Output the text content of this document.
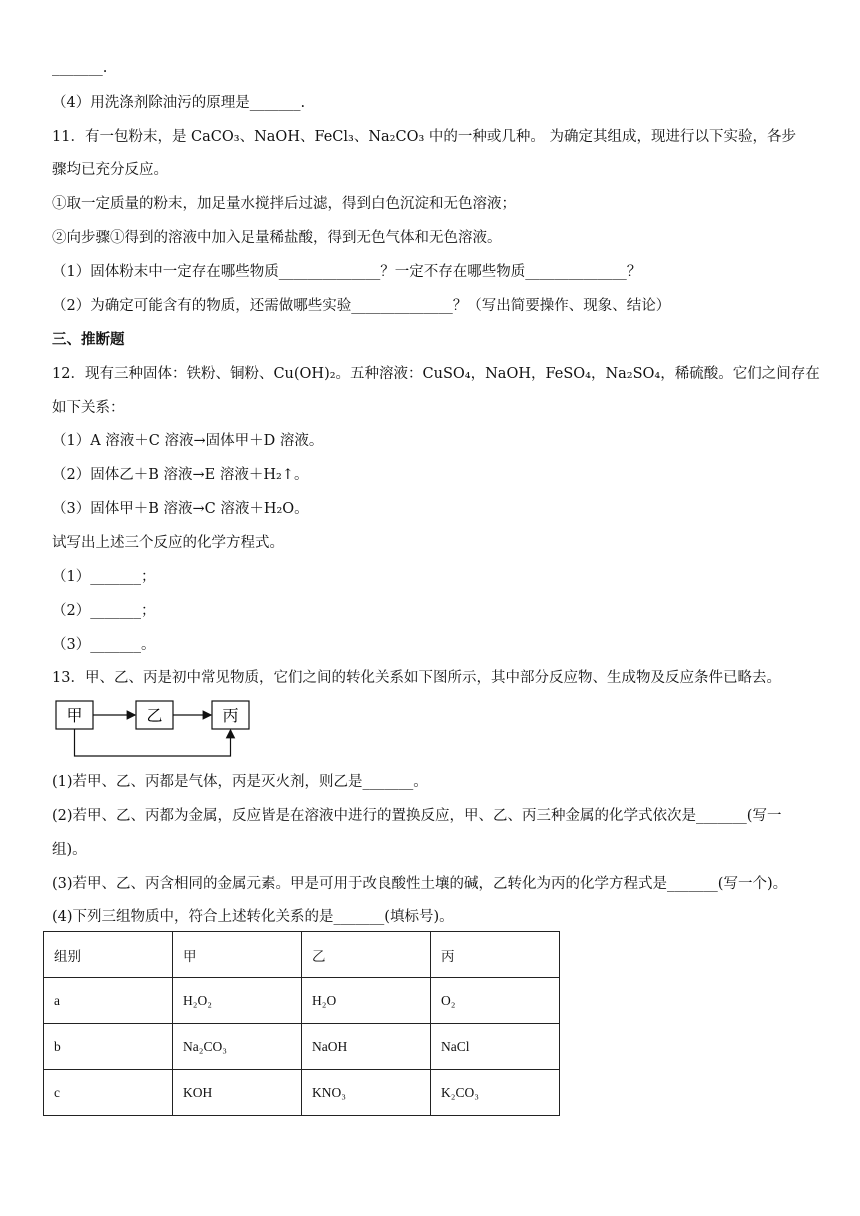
_______.
（4）用洗涤剂除油污的原理是_______.
11．有一包粉末，是 CaCO₃、NaOH、FeCl₃、Na₂CO₃ 中的一种或几种。 为确定其组成，现进行以下实验，各步
骤均已充分反应。
①取一定质量的粉末，加足量水搅拌后过滤，得到白色沉淀和无色溶液；
②向步骤①得到的溶液中加入足量稀盐酸，得到无色气体和无色溶液。
（1）固体粉末中一定存在哪些物质______________？一定不存在哪些物质______________？
（2）为确定可能含有的物质，还需做哪些实验______________？（写出简要操作、现象、结论）
三、推断题
12．现有三种固体：铁粉、铜粉、Cu(OH)₂。五种溶液：CuSO₄，NaOH，FeSO₄，Na₂SO₄，稀硫酸。它们之间存在
如下关系：
（1）A 溶液＋C 溶液→固体甲＋D 溶液。
（2）固体乙＋B 溶液→E 溶液＋H₂↑。
（3）固体甲＋B 溶液→C 溶液＋H₂O。
试写出上述三个反应的化学方程式。
（1）_______；
（2）_______；
（3）_______。
13．甲、乙、丙是初中常见物质，它们之间的转化关系如下图所示，其中部分反应物、生成物及反应条件已略去。
甲	乙	丙
(1)若甲、乙、丙都是气体，丙是灭火剂，则乙是_______。
(2)若甲、乙、丙都为金属，反应皆是在溶液中进行的置换反应，甲、乙、丙三种金属的化学式依次是_______(写一
组)。
(3)若甲、乙、丙含相同的金属元素。甲是可用于改良酸性土壤的碱，乙转化为丙的化学方程式是_______(写一个)。
(4)下列三组物质中，符合上述转化关系的是_______(填标号)。
组别	甲	乙	丙
a	H₂O₂	H₂O	O₂
b	Na₂CO₃	NaOH	NaCl
c	KOH	KNO₃	K₂CO₃
